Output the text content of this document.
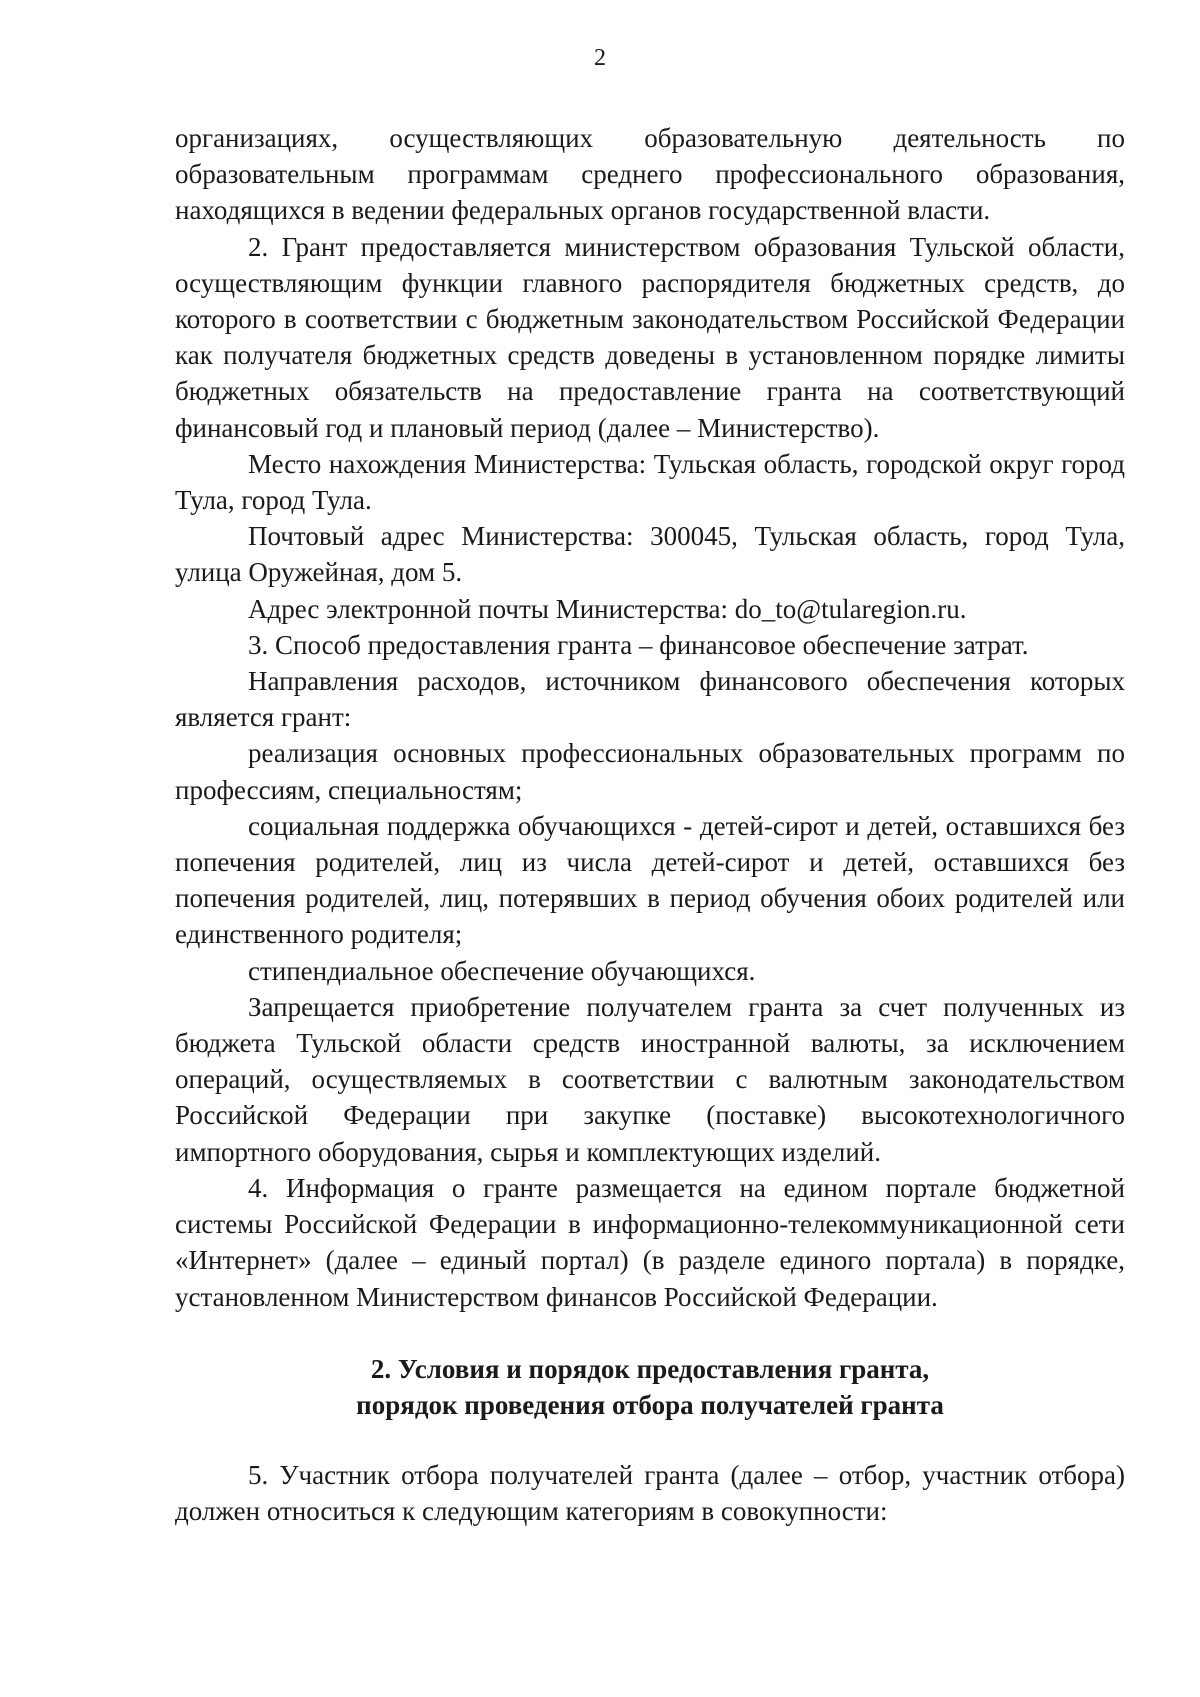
2

организациях, осуществляющих образовательную деятельность по образовательным программам среднего профессионального образования, находящихся в ведении федеральных органов государственной власти.

2. Грант предоставляется министерством образования Тульской области, осуществляющим функции главного распорядителя бюджетных средств, до которого в соответствии с бюджетным законодательством Российской Федерации как получателя бюджетных средств доведены в установленном порядке лимиты бюджетных обязательств на предоставление гранта на соответствующий финансовый год и плановый период (далее – Министерство).

Место нахождения Министерства: Тульская область, городской округ город Тула, город Тула.

Почтовый адрес Министерства: 300045, Тульская область, город Тула, улица Оружейная, дом 5.

Адрес электронной почты Министерства: do_to@tularegion.ru.

3. Способ предоставления гранта – финансовое обеспечение затрат.

Направления расходов, источником финансового обеспечения которых является грант:

реализация основных профессиональных образовательных программ по профессиям, специальностям;

социальная поддержка обучающихся - детей-сирот и детей, оставшихся без попечения родителей, лиц из числа детей-сирот и детей, оставшихся без попечения родителей, лиц, потерявших в период обучения обоих родителей или единственного родителя;

стипендиальное обеспечение обучающихся.

Запрещается приобретение получателем гранта за счет полученных из бюджета Тульской области средств иностранной валюты, за исключением операций, осуществляемых в соответствии с валютным законодательством Российской Федерации при закупке (поставке) высокотехнологичного импортного оборудования, сырья и комплектующих изделий.

4. Информация о гранте размещается на едином портале бюджетной системы Российской Федерации в информационно-телекоммуникационной сети «Интернет» (далее – единый портал) (в разделе единого портала) в порядке, установленном Министерством финансов Российской Федерации.

2. Условия и порядок предоставления гранта,
порядок проведения отбора получателей гранта

5. Участник отбора получателей гранта (далее – отбор, участник отбора) должен относиться к следующим категориям в совокупности:
